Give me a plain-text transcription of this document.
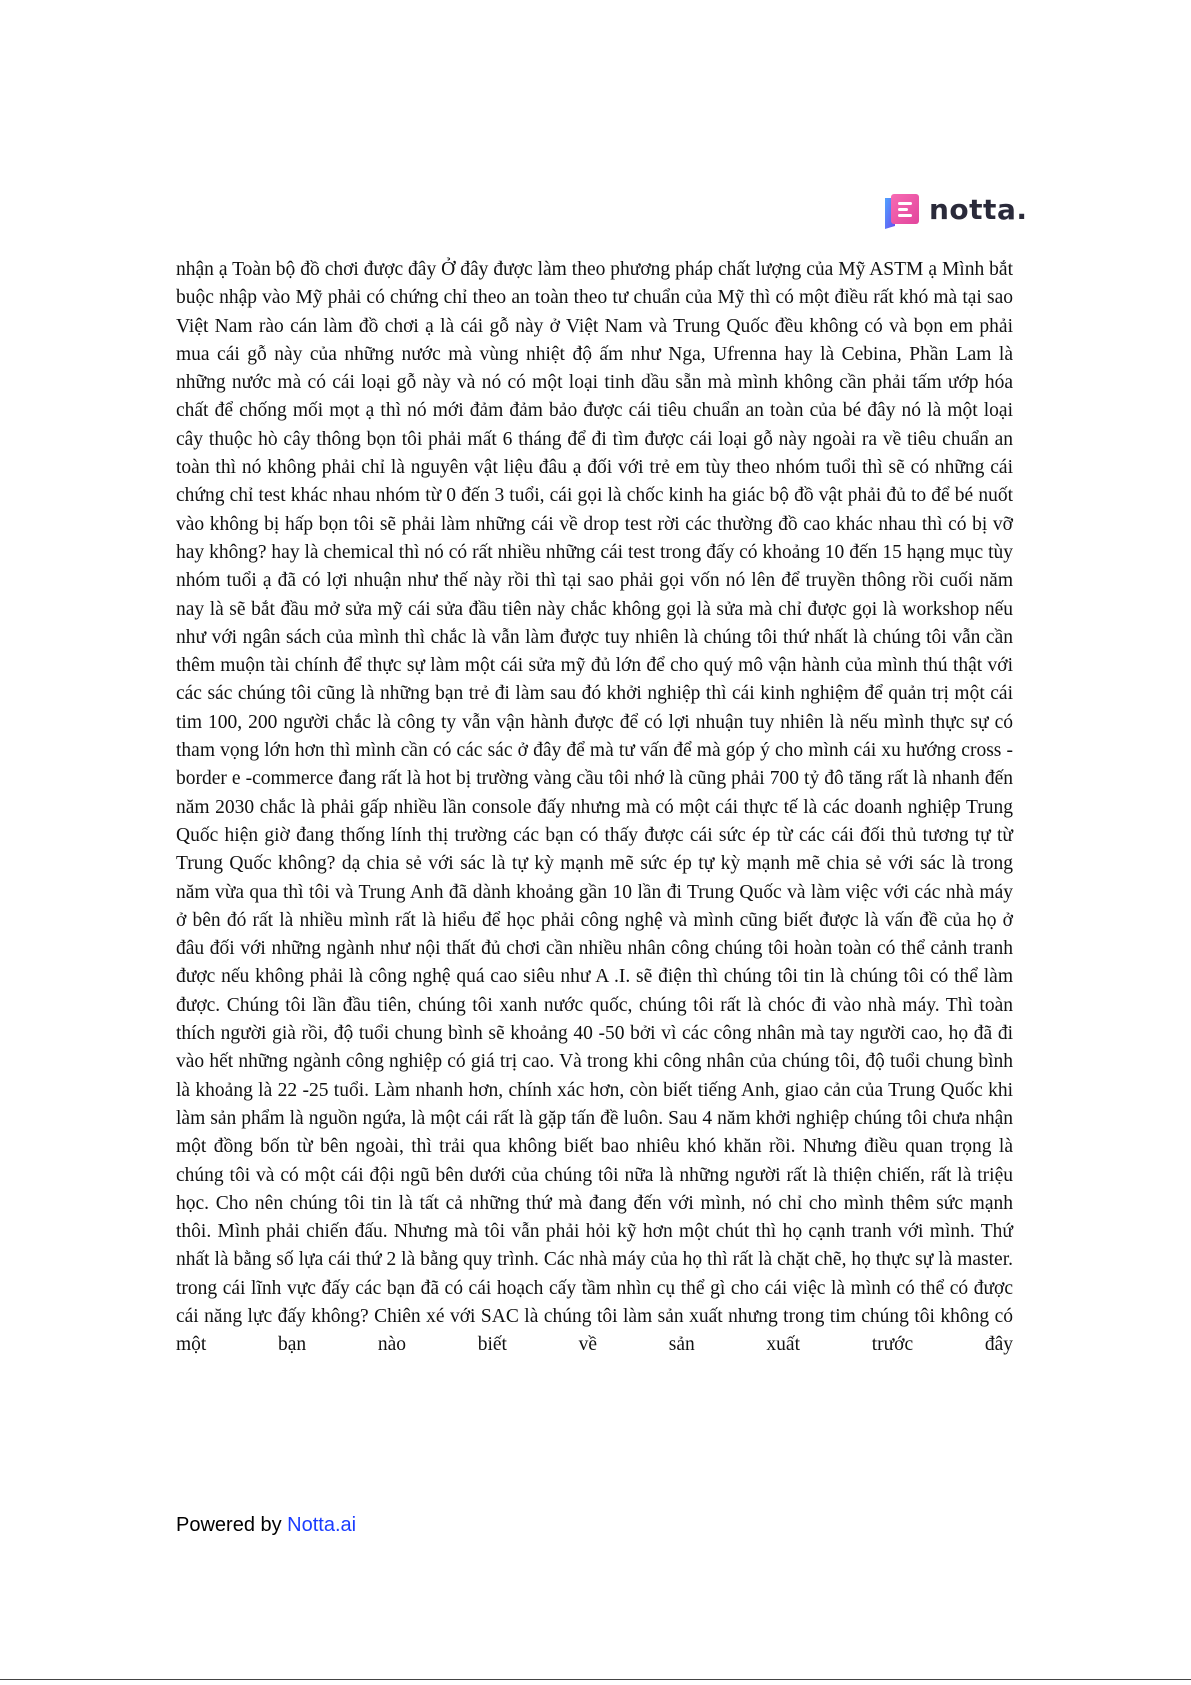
notta.
nhận ạ Toàn bộ đồ chơi được đây Ở đây được làm theo phương pháp chất lượng của Mỹ ASTM ạ Mình bắt buộc nhập vào Mỹ phải có chứng chỉ theo an toàn theo tư chuẩn của Mỹ thì có một điều rất khó mà tại sao Việt Nam rào cán làm đồ chơi ạ là cái gỗ này ở Việt Nam và Trung Quốc đều không có và bọn em phải mua cái gỗ này của những nước mà vùng nhiệt độ ấm như Nga, Ufrenna hay là Cebina, Phần Lam là những nước mà có cái loại gỗ này và nó có một loại tinh dầu sẵn mà mình không cần phải tấm ướp hóa chất để chống mối mọt ạ thì nó mới đảm đảm bảo được cái tiêu chuẩn an toàn của bé đây nó là một loại cây thuộc hò cây thông bọn tôi phải mất 6 tháng để đi tìm được cái loại gỗ này ngoài ra về tiêu chuẩn an toàn thì nó không phải chỉ là nguyên vật liệu đâu ạ đối với trẻ em tùy theo nhóm tuổi thì sẽ có những cái chứng chỉ test khác nhau nhóm từ 0 đến 3 tuổi, cái gọi là chốc kinh ha giác bộ đồ vật phải đủ to để bé nuốt vào không bị hấp bọn tôi sẽ phải làm những cái về drop test rời các thường đồ cao khác nhau thì có bị vỡ hay không? hay là chemical thì nó có rất nhiều những cái test trong đấy có khoảng 10 đến 15 hạng mục tùy nhóm tuổi ạ đã có lợi nhuận như thế này rồi thì tại sao phải gọi vốn nó lên để truyền thông rồi cuối năm nay là sẽ bắt đầu mở sửa mỹ cái sửa đầu tiên này chắc không gọi là sửa mà chỉ được gọi là workshop nếu như với ngân sách của mình thì chắc là vẫn làm được tuy nhiên là chúng tôi thứ nhất là chúng tôi vẫn cần thêm muộn tài chính để thực sự làm một cái sửa mỹ đủ lớn để cho quý mô vận hành của mình thú thật với các sác chúng tôi cũng là những bạn trẻ đi làm sau đó khởi nghiệp thì cái kinh nghiệm để quản trị một cái tim 100, 200 người chắc là công ty vẫn vận hành được để có lợi nhuận tuy nhiên là nếu mình thực sự có tham vọng lớn hơn thì mình cần có các sác ở đây để mà tư vấn để mà góp ý cho mình cái xu hướng cross -border e -commerce đang rất là hot bị trường vàng cầu tôi nhớ là cũng phải 700 tỷ đô tăng rất là nhanh đến năm 2030 chắc là phải gấp nhiều lần console đấy nhưng mà có một cái thực tế là các doanh nghiệp Trung Quốc hiện giờ đang thống lính thị trường các bạn có thấy được cái sức ép từ các cái đối thủ tương tự từ Trung Quốc không? dạ chia sẻ với sác là tự kỳ mạnh mẽ sức ép tự kỳ mạnh mẽ chia sẻ với sác là trong năm vừa qua thì tôi và Trung Anh đã dành khoảng gần 10 lần đi Trung Quốc và làm việc với các nhà máy ở bên đó rất là nhiều mình rất là hiểu để học phải công nghệ và mình cũng biết được là vấn đề của họ ở đâu đối với những ngành như nội thất đủ chơi cần nhiều nhân công chúng tôi hoàn toàn có thể cảnh tranh được nếu không phải là công nghệ quá cao siêu như A .I. sẽ điện thì chúng tôi tin là chúng tôi có thể làm được. Chúng tôi lần đầu tiên, chúng tôi xanh nước quốc, chúng tôi rất là chóc đi vào nhà máy. Thì toàn thích người già rồi, độ tuổi chung bình sẽ khoảng 40 -50 bởi vì các công nhân mà tay người cao, họ đã đi vào hết những ngành công nghiệp có giá trị cao. Và trong khi công nhân của chúng tôi, độ tuổi chung bình là khoảng là 22 -25 tuổi. Làm nhanh hơn, chính xác hơn, còn biết tiếng Anh, giao cản của Trung Quốc khi làm sản phẩm là nguồn ngứa, là một cái rất là gặp tấn đề luôn. Sau 4 năm khởi nghiệp chúng tôi chưa nhận một đồng bốn từ bên ngoài, thì trải qua không biết bao nhiêu khó khăn rồi. Nhưng điều quan trọng là chúng tôi và có một cái đội ngũ bên dưới của chúng tôi nữa là những người rất là thiện chiến, rất là triệu học. Cho nên chúng tôi tin là tất cả những thứ mà đang đến với mình, nó chỉ cho mình thêm sức mạnh thôi. Mình phải chiến đấu. Nhưng mà tôi vẫn phải hỏi kỹ hơn một chút thì họ cạnh tranh với mình. Thứ nhất là bằng số lựa cái thứ 2 là bằng quy trình. Các nhà máy của họ thì rất là chặt chẽ, họ thực sự là master. trong cái lĩnh vực đấy các bạn đã có cái hoạch cấy tầm nhìn cụ thể gì cho cái việc là mình có thể có được cái năng lực đấy không? Chiên xé với SAC là chúng tôi làm sản xuất nhưng trong tim chúng tôi không có một bạn nào biết về sản xuất trước đây
Powered by Notta.ai
